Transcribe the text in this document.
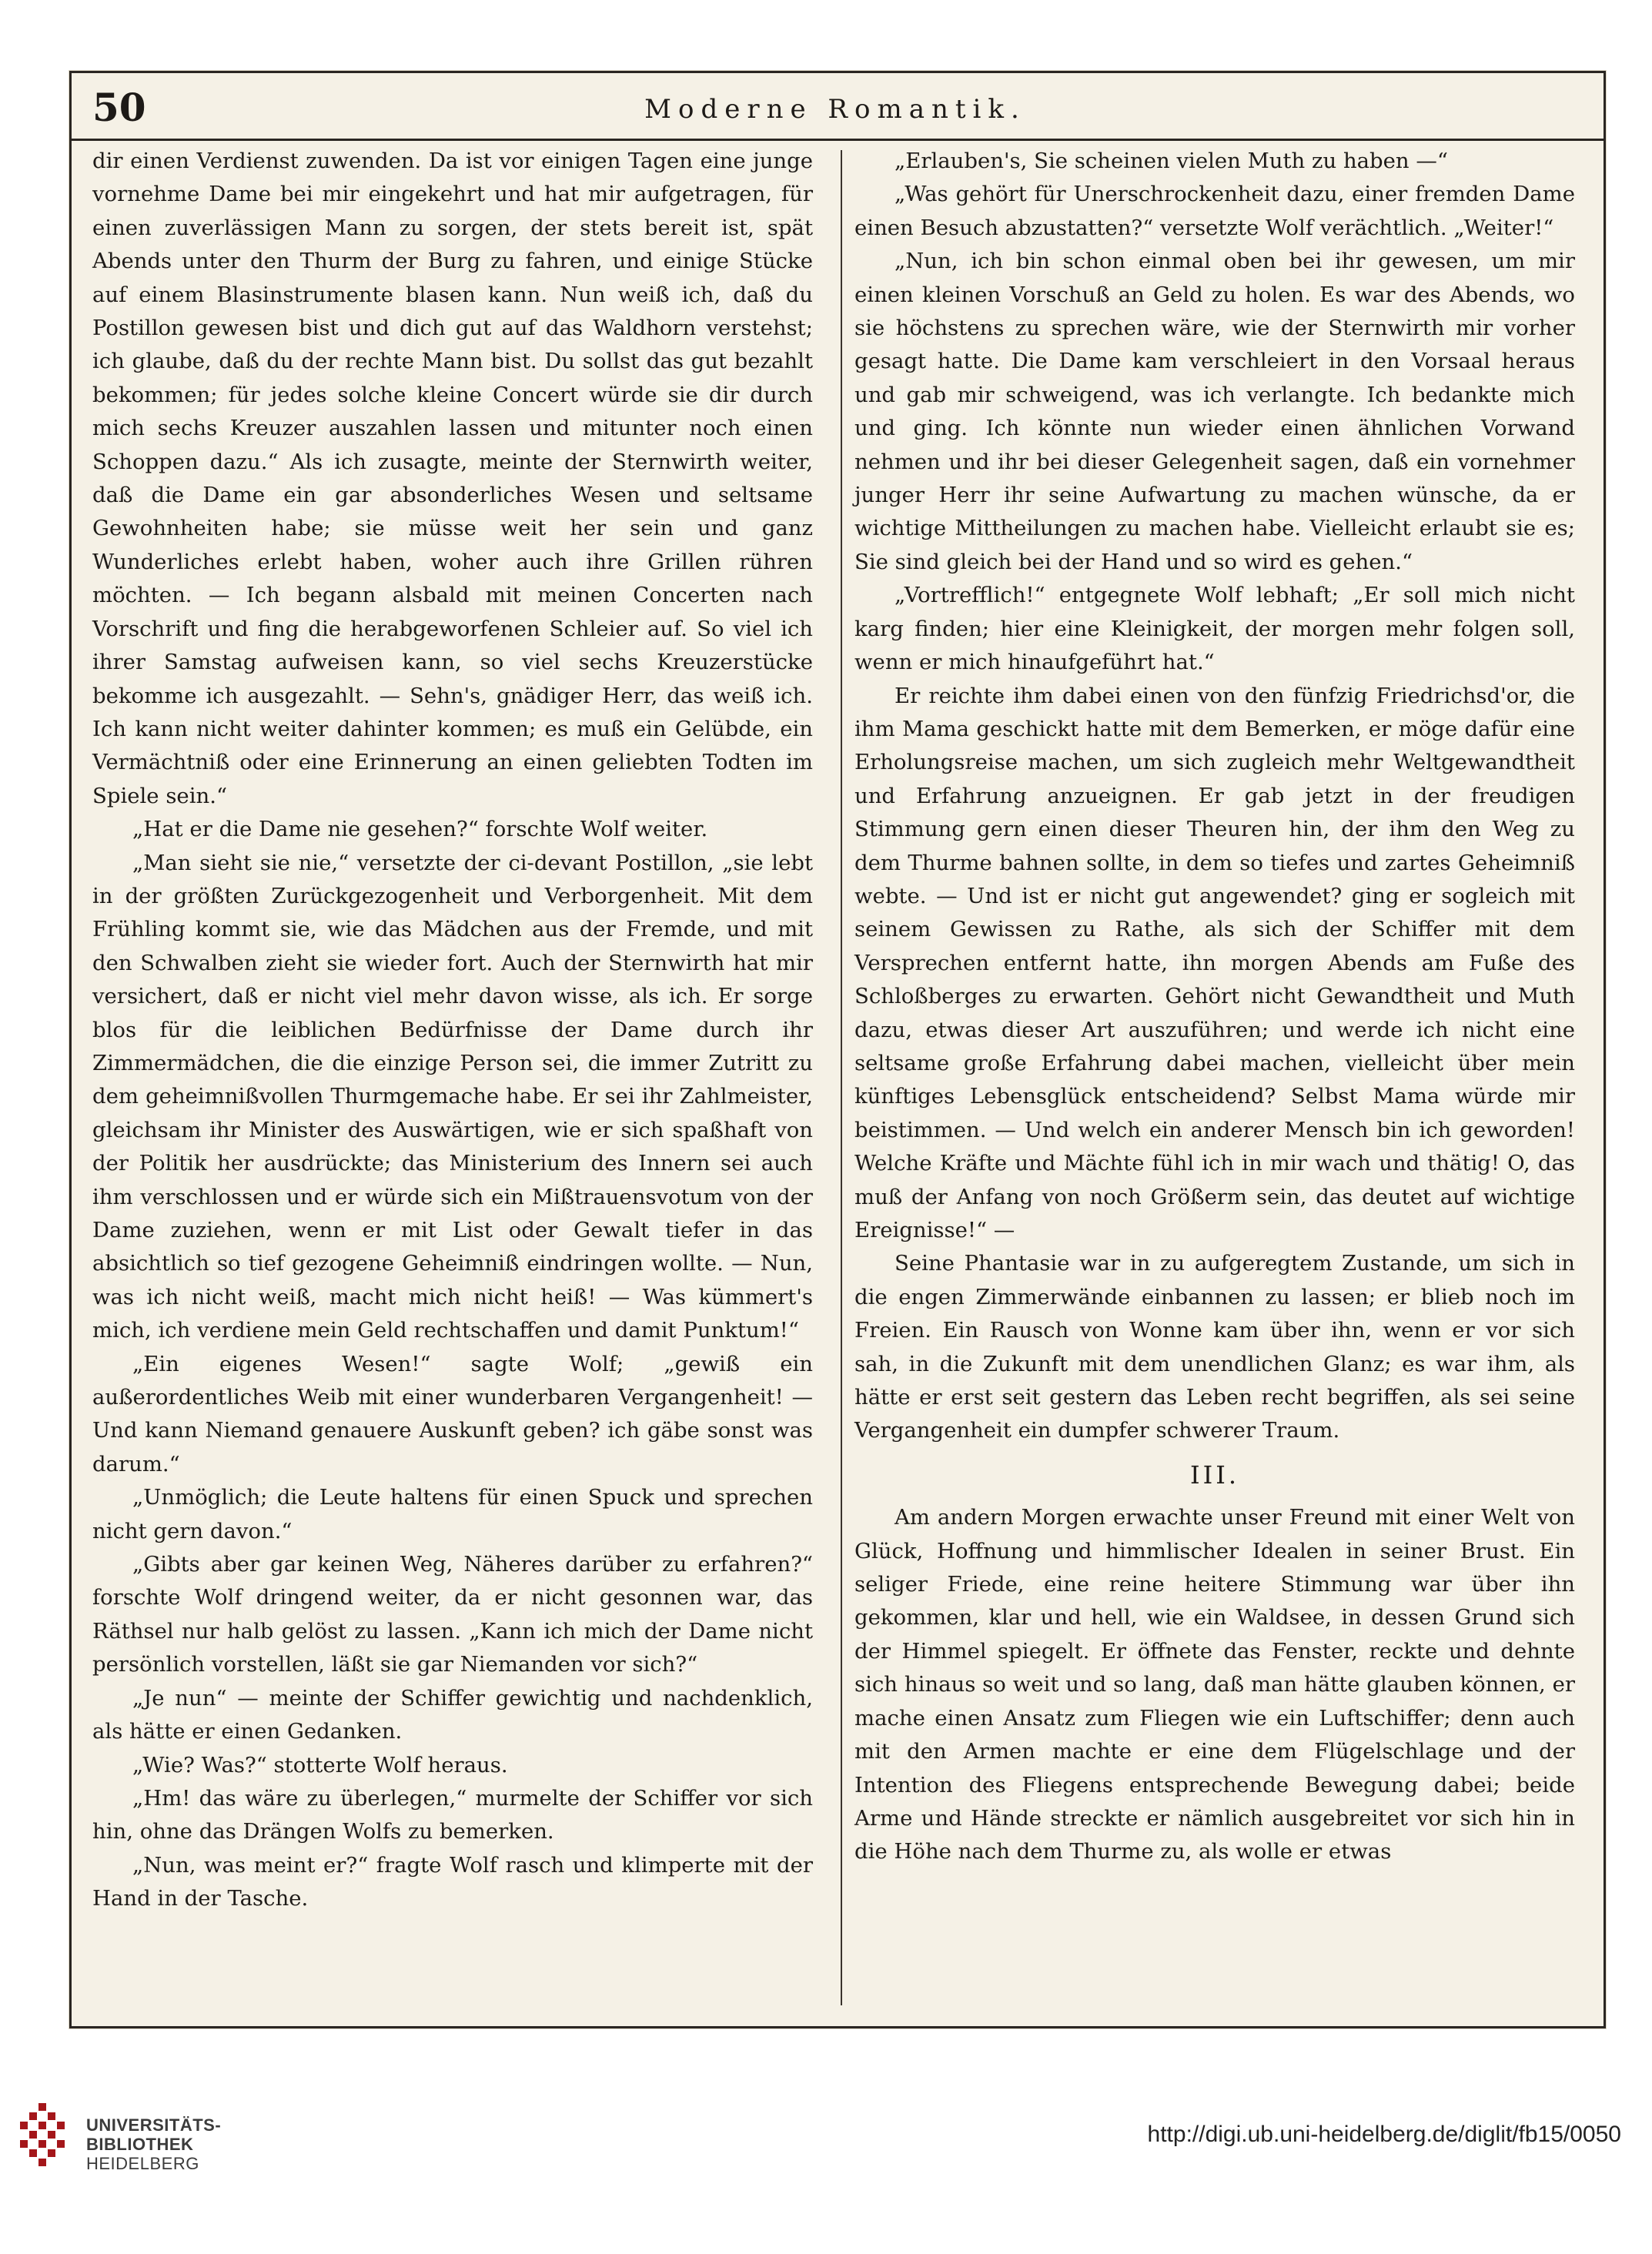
50	Moderne Romantik.

dir einen Verdienst zuwenden. Da ist vor einigen Tagen eine junge vornehme Dame bei mir eingekehrt und hat mir aufgetragen, für einen zuverlässigen Mann zu sorgen, der stets bereit ist, spät Abends unter den Thurm der Burg zu fahren, und einige Stücke auf einem Blasinstrumente blasen kann. Nun weiß ich, daß du Postillon gewesen bist und dich gut auf das Waldhorn verstehst; ich glaube, daß du der rechte Mann bist. Du sollst das gut bezahlt bekommen; für jedes solche kleine Concert würde sie dir durch mich sechs Kreuzer auszahlen lassen und mitunter noch einen Schoppen dazu.“ Als ich zusagte, meinte der Sternwirth weiter, daß die Dame ein gar absonderliches Wesen und seltsame Gewohnheiten habe; sie müsse weit her sein und ganz Wunderliches erlebt haben, woher auch ihre Grillen rühren möchten. — Ich begann alsbald mit meinen Concerten nach Vorschrift und fing die herabgeworfenen Schleier auf. So viel ich ihrer Samstag aufweisen kann, so viel sechs Kreuzerstücke bekomme ich ausgezahlt. — Sehn's, gnädiger Herr, das weiß ich. Ich kann nicht weiter dahinter kommen; es muß ein Gelübde, ein Vermächtniß oder eine Erinnerung an einen geliebten Todten im Spiele sein.“

„Hat er die Dame nie gesehen?“ forschte Wolf weiter.

„Man sieht sie nie,“ versetzte der ci-devant Postillon, „sie lebt in der größten Zurückgezogenheit und Verborgenheit. Mit dem Frühling kommt sie, wie das Mädchen aus der Fremde, und mit den Schwalben zieht sie wieder fort. Auch der Sternwirth hat mir versichert, daß er nicht viel mehr davon wisse, als ich. Er sorge blos für die leiblichen Bedürfnisse der Dame durch ihr Zimmermädchen, die die einzige Person sei, die immer Zutritt zu dem geheimnißvollen Thurmgemache habe. Er sei ihr Zahlmeister, gleichsam ihr Minister des Auswärtigen, wie er sich spaßhaft von der Politik her ausdrückte; das Ministerium des Innern sei auch ihm verschlossen und er würde sich ein Mißtrauensvotum von der Dame zuziehen, wenn er mit List oder Gewalt tiefer in das absichtlich so tief gezogene Geheimniß eindringen wollte. — Nun, was ich nicht weiß, macht mich nicht heiß! — Was kümmert's mich, ich verdiene mein Geld rechtschaffen und damit Punktum!“

„Ein eigenes Wesen!“ sagte Wolf; „gewiß ein außerordentliches Weib mit einer wunderbaren Vergangenheit! — Und kann Niemand genauere Auskunft geben? ich gäbe sonst was darum.“

„Unmöglich; die Leute haltens für einen Spuck und sprechen nicht gern davon.“

„Gibts aber gar keinen Weg, Näheres darüber zu erfahren?“ forschte Wolf dringend weiter, da er nicht gesonnen war, das Räthsel nur halb gelöst zu lassen. „Kann ich mich der Dame nicht persönlich vorstellen, läßt sie gar Niemanden vor sich?“

„Je nun“ — meinte der Schiffer gewichtig und nachdenklich, als hätte er einen Gedanken.

„Wie? Was?“ stotterte Wolf heraus.

„Hm! das wäre zu überlegen,“ murmelte der Schiffer vor sich hin, ohne das Drängen Wolfs zu bemerken.

„Nun, was meint er?“ fragte Wolf rasch und klimperte mit der Hand in der Tasche.

„Erlauben's, Sie scheinen vielen Muth zu haben —“

„Was gehört für Unerschrockenheit dazu, einer fremden Dame einen Besuch abzustatten?“ versetzte Wolf verächtlich. „Weiter!“

„Nun, ich bin schon einmal oben bei ihr gewesen, um mir einen kleinen Vorschuß an Geld zu holen. Es war des Abends, wo sie höchstens zu sprechen wäre, wie der Sternwirth mir vorher gesagt hatte. Die Dame kam verschleiert in den Vorsaal heraus und gab mir schweigend, was ich verlangte. Ich bedankte mich und ging. Ich könnte nun wieder einen ähnlichen Vorwand nehmen und ihr bei dieser Gelegenheit sagen, daß ein vornehmer junger Herr ihr seine Aufwartung zu machen wünsche, da er wichtige Mittheilungen zu machen habe. Vielleicht erlaubt sie es; Sie sind gleich bei der Hand und so wird es gehen.“

„Vortrefflich!“ entgegnete Wolf lebhaft; „Er soll mich nicht karg finden; hier eine Kleinigkeit, der morgen mehr folgen soll, wenn er mich hinaufgeführt hat.“

Er reichte ihm dabei einen von den fünfzig Friedrichsd'or, die ihm Mama geschickt hatte mit dem Bemerken, er möge dafür eine Erholungsreise machen, um sich zugleich mehr Weltgewandtheit und Erfahrung anzueignen. Er gab jetzt in der freudigen Stimmung gern einen dieser Theuren hin, der ihm den Weg zu dem Thurme bahnen sollte, in dem so tiefes und zartes Geheimniß webte. — Und ist er nicht gut angewendet? ging er sogleich mit seinem Gewissen zu Rathe, als sich der Schiffer mit dem Versprechen entfernt hatte, ihn morgen Abends am Fuße des Schloßberges zu erwarten. Gehört nicht Gewandtheit und Muth dazu, etwas dieser Art auszuführen; und werde ich nicht eine seltsame große Erfahrung dabei machen, vielleicht über mein künftiges Lebensglück entscheidend? Selbst Mama würde mir beistimmen. — Und welch ein anderer Mensch bin ich geworden! Welche Kräfte und Mächte fühl ich in mir wach und thätig! O, das muß der Anfang von noch Größerm sein, das deutet auf wichtige Ereignisse!“ —

Seine Phantasie war in zu aufgeregtem Zustande, um sich in die engen Zimmerwände einbannen zu lassen; er blieb noch im Freien. Ein Rausch von Wonne kam über ihn, wenn er vor sich sah, in die Zukunft mit dem unendlichen Glanz; es war ihm, als hätte er erst seit gestern das Leben recht begriffen, als sei seine Vergangenheit ein dumpfer schwerer Traum.

III.

Am andern Morgen erwachte unser Freund mit einer Welt von Glück, Hoffnung und himmlischer Idealen in seiner Brust. Ein seliger Friede, eine reine heitere Stimmung war über ihn gekommen, klar und hell, wie ein Waldsee, in dessen Grund sich der Himmel spiegelt. Er öffnete das Fenster, reckte und dehnte sich hinaus so weit und so lang, daß man hätte glauben können, er mache einen Ansatz zum Fliegen wie ein Luftschiffer; denn auch mit den Armen machte er eine dem Flügelschlage und der Intention des Fliegens entsprechende Bewegung dabei; beide Arme und Hände streckte er nämlich ausgebreitet vor sich hin in die Höhe nach dem Thurme zu, als wolle er etwas

UNIVERSITÄTS-
BIBLIOTHEK
HEIDELBERG
http://digi.ub.uni-heidelberg.de/diglit/fb15/0050
